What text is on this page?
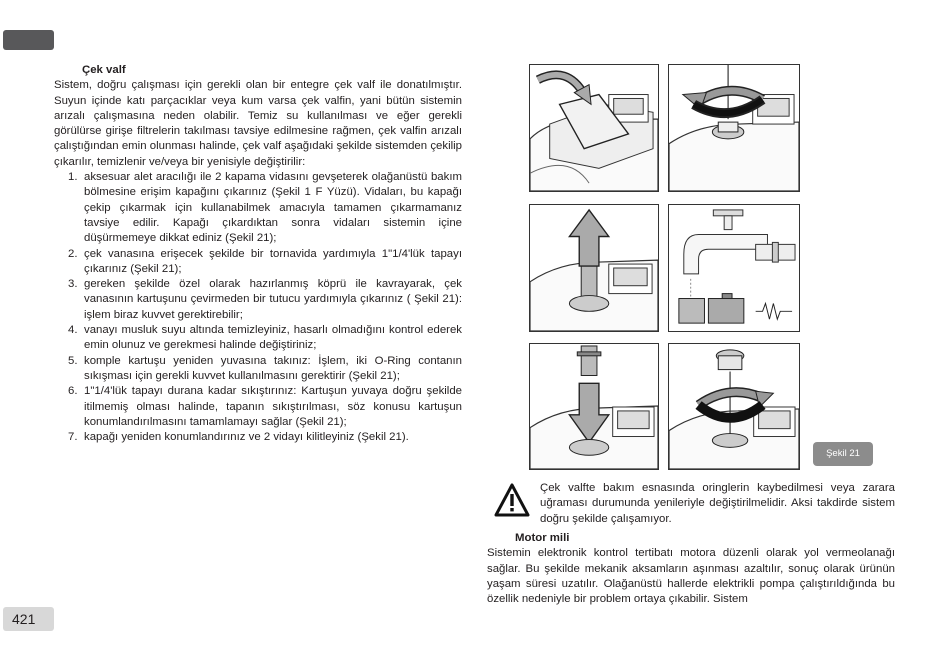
421
Çek valf

Sistem, doğru çalışması için gerekli olan bir entegre çek valf ile donatılmıştır. Suyun içinde katı parçacıklar veya kum varsa çek valfin, yani bütün sistemin arızalı çalışmasına neden olabilir. Temiz su kullanılması ve eğer gerekli görülürse girişe filtrelerin takılması tavsiye edilmesine rağmen, çek valfin arızalı çalıştığından emin olunması halinde, çek valf aşağıdaki şekilde sistemden çekilip çıkarılır, temizlenir ve/veya bir yenisiyle değiştirilir:

1. aksesuar alet aracılığı ile 2 kapama vidasını gevşeterek olağanüstü bakım bölmesine erişim kapağını çıkarınız (Şekil 1 F Yüzü). Vidaları, bu kapağı çekip çıkarmak için kullanabilmek amacıyla tamamen çıkarmamanız tavsiye edilir. Kapağı çıkardıktan sonra vidaları sistemin içine düşürmemeye dikkat ediniz (Şekil 21);
2. çek vanasına erişecek şekilde bir tornavida yardımıyla 1"1/4'lük tapayı çıkarınız (Şekil 21);
3. gereken şekilde özel olarak hazırlanmış köprü ile kavrayarak, çek vanasının kartuşunu çevirmeden bir tutucu yardımıyla çıkarınız ( Şekil 21): işlem biraz kuvvet gerektirebilir;
4. vanayı musluk suyu altında temizleyiniz, hasarlı olmadığını kontrol ederek emin olunuz ve gerekmesi halinde değiştiriniz;
5. komple kartuşu yeniden yuvasına takınız: İşlem, iki O-Ring contanın sıkışması için gerekli kuvvet kullanılmasını gerektirir (Şekil 21);
6. 1"1/4'lük tapayı durana kadar sıkıştırınız: Kartuşun yuvaya doğru şekilde itilmemiş olması halinde, tapanın sıkıştırılması, söz konusu kartuşun konumlandırılmasını tamamlamayı sağlar (Şekil 21);
7. kapağı yeniden konumlandırınız ve 2 vidayı kilitleyiniz (Şekil 21).
Şekil 21
Çek valfte bakım esnasında oringlerin kaybedilmesi veya zarara uğraması durumunda yenileriyle değiştirilmelidir. Aksi takdirde sistem doğru şekilde çalışamıyor.
Motor mili

Sistemin elektronik kontrol tertibatı motora düzenli olarak yol vermeolanağı sağlar. Bu şekilde mekanik aksamların aşınması azaltılır, sonuç olarak ürünün yaşam süresi uzatılır. Olağanüstü hallerde elektrikli pompa çalıştırıldığında bu özellik nedeniyle bir problem ortaya çıkabilir. Sistem
